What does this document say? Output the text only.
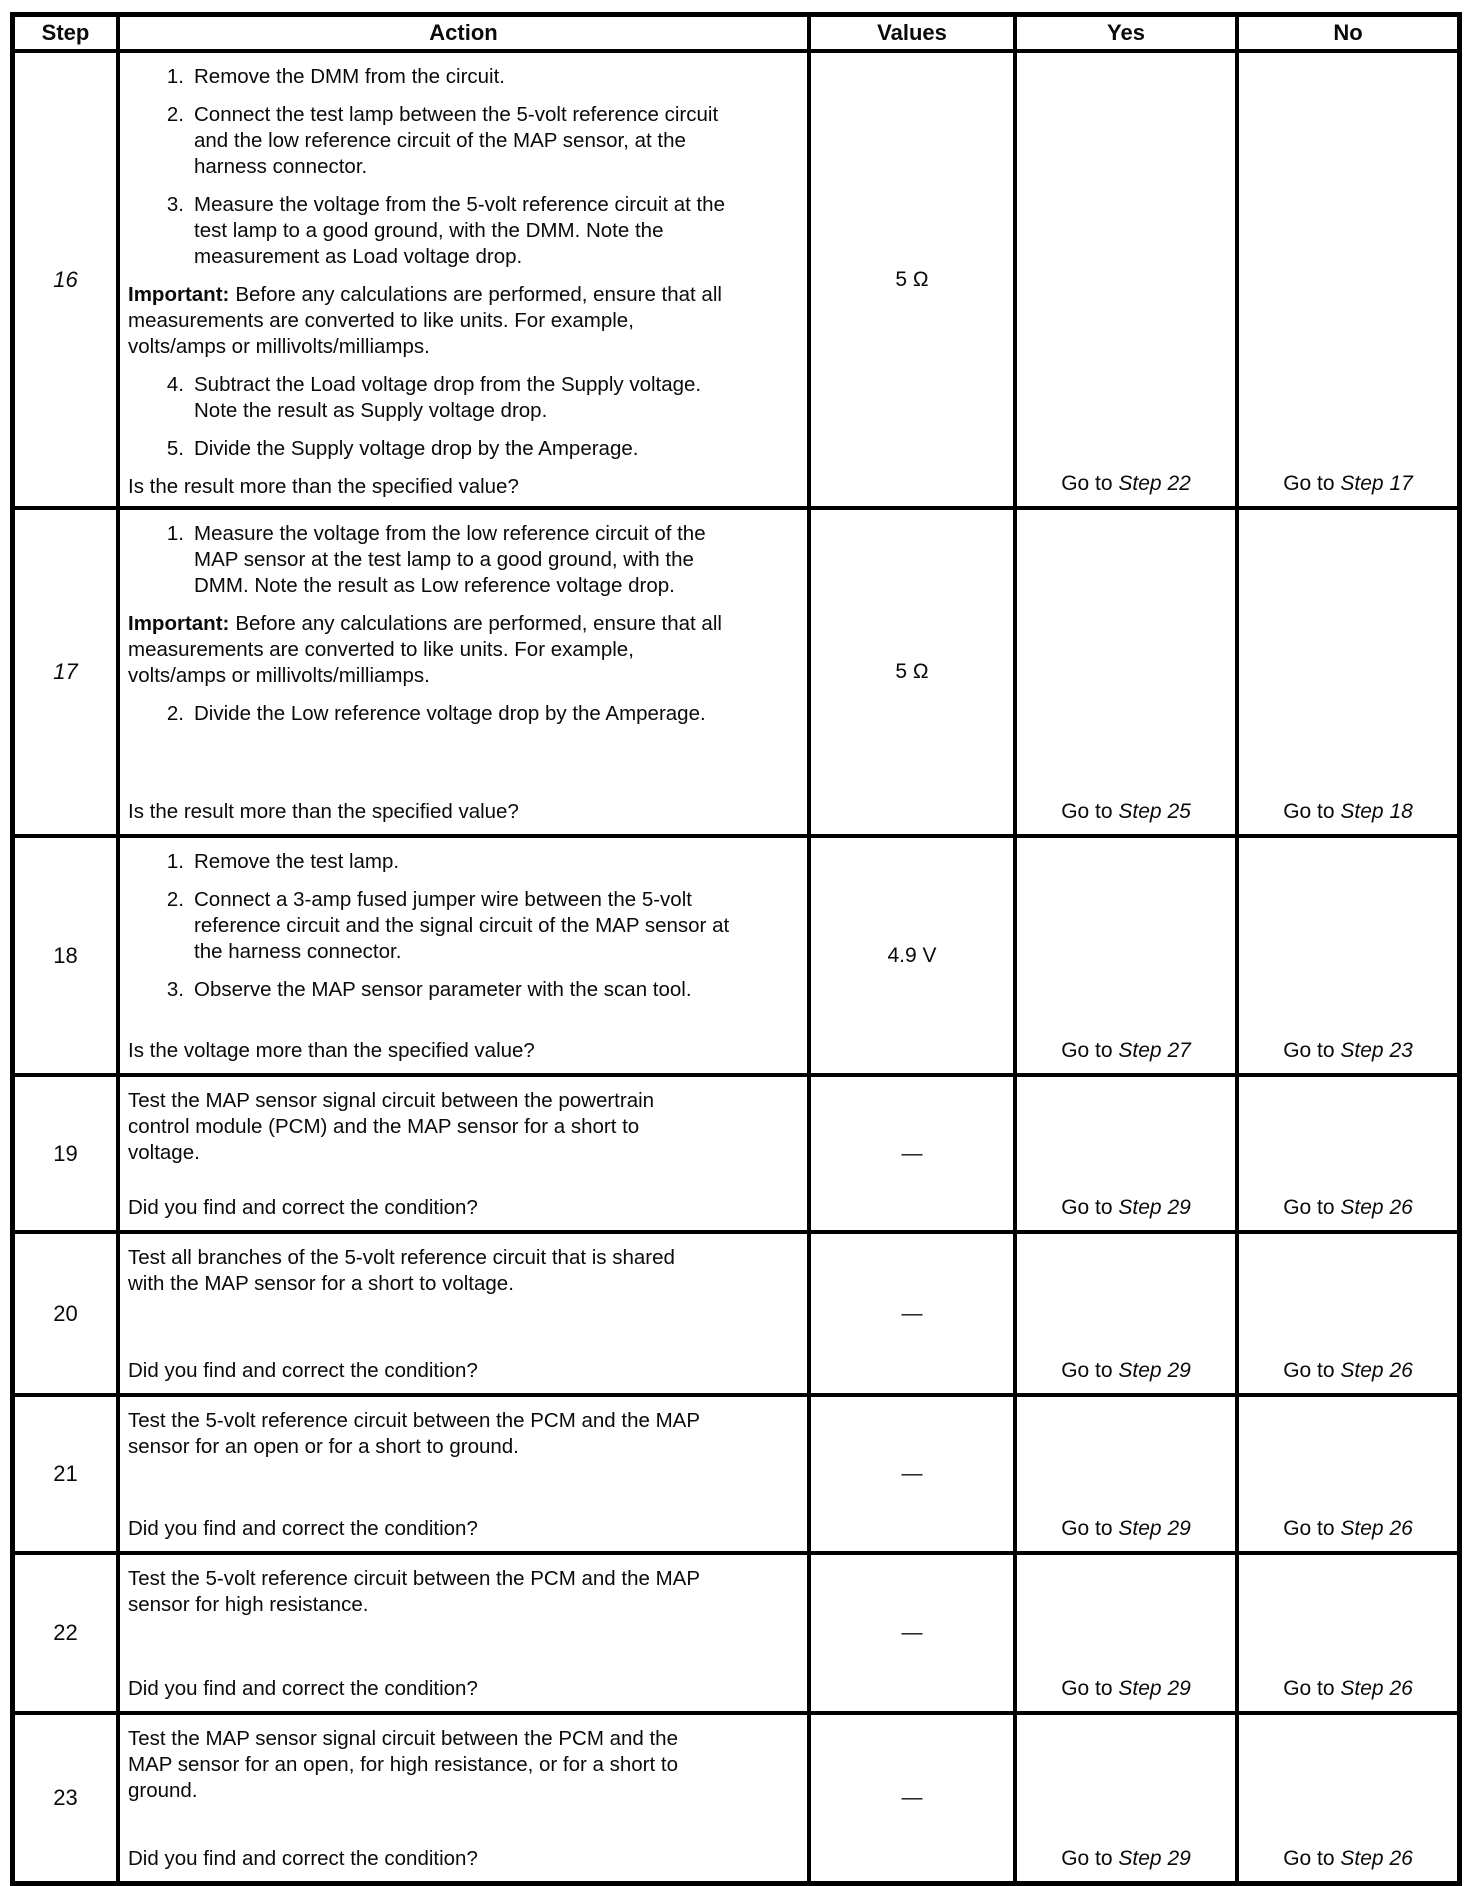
Step	Action	Values	Yes	No
16
1. Remove the DMM from the circuit.
2. Connect the test lamp between the 5-volt reference circuit and the low reference circuit of the MAP sensor, at the harness connector.
3. Measure the voltage from the 5-volt reference circuit at the test lamp to a good ground, with the DMM. Note the measurement as Load voltage drop.

Important: Before any calculations are performed, ensure that all measurements are converted to like units. For example, volts/amps or millivolts/milliamps.

4. Subtract the Load voltage drop from the Supply voltage. Note the result as Supply voltage drop.
5. Divide the Supply voltage drop by the Amperage.

Is the result more than the specified value?

5 Ω
Go to Step 22	Go to Step 17
17
1. Measure the voltage from the low reference circuit of the MAP sensor at the test lamp to a good ground, with the DMM. Note the result as Low reference voltage drop.

Important: Before any calculations are performed, ensure that all measurements are converted to like units. For example, volts/amps or millivolts/milliamps.

2. Divide the Low reference voltage drop by the Amperage.

Is the result more than the specified value?

5 Ω
Go to Step 25	Go to Step 18
18
1. Remove the test lamp.
2. Connect a 3-amp fused jumper wire between the 5-volt reference circuit and the signal circuit of the MAP sensor at the harness connector.
3. Observe the MAP sensor parameter with the scan tool.

Is the voltage more than the specified value?

4.9 V
Go to Step 27	Go to Step 23
19

Test the MAP sensor signal circuit between the powertrain control module (PCM) and the MAP sensor for a short to voltage.

Did you find and correct the condition?

—
Go to Step 29	Go to Step 26
20

Test all branches of the 5-volt reference circuit that is shared with the MAP sensor for a short to voltage.

Did you find and correct the condition?

—
Go to Step 29	Go to Step 26
21

Test the 5-volt reference circuit between the PCM and the MAP sensor for an open or for a short to ground.

Did you find and correct the condition?

—
Go to Step 29	Go to Step 26
22

Test the 5-volt reference circuit between the PCM and the MAP sensor for high resistance.

Did you find and correct the condition?

—
Go to Step 29	Go to Step 26
23

Test the MAP sensor signal circuit between the PCM and the MAP sensor for an open, for high resistance, or for a short to ground.

Did you find and correct the condition?

—
Go to Step 29	Go to Step 26
